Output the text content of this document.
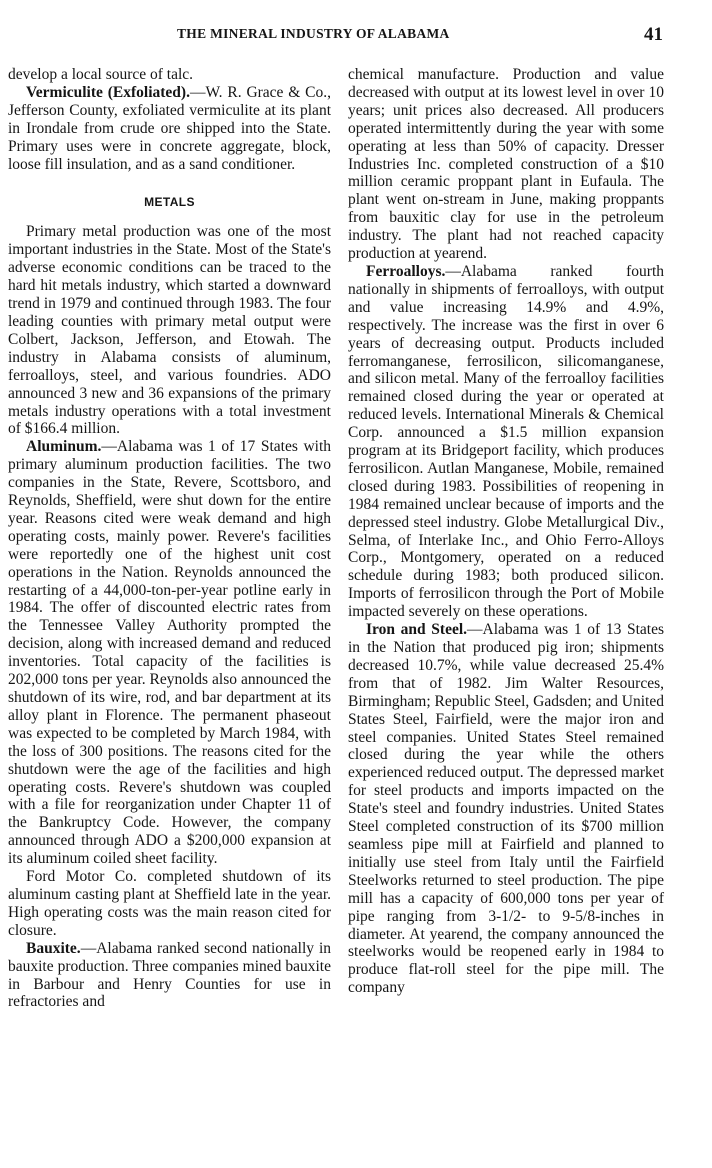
THE MINERAL INDUSTRY OF ALABAMA	41

develop a local source of talc.

Vermiculite (Exfoliated).—W. R. Grace & Co., Jefferson County, exfoliated vermiculite at its plant in Irondale from crude ore shipped into the State. Primary uses were in concrete aggregate, block, loose fill insulation, and as a sand conditioner.

METALS

Primary metal production was one of the most important industries in the State. Most of the State's adverse economic conditions can be traced to the hard hit metals industry, which started a downward trend in 1979 and continued through 1983. The four leading counties with primary metal output were Colbert, Jackson, Jefferson, and Etowah. The industry in Alabama consists of aluminum, ferroalloys, steel, and various foundries. ADO announced 3 new and 36 expansions of the primary metals industry operations with a total investment of $166.4 million.

Aluminum.—Alabama was 1 of 17 States with primary aluminum production facilities. The two companies in the State, Revere, Scottsboro, and Reynolds, Sheffield, were shut down for the entire year. Reasons cited were weak demand and high operating costs, mainly power. Revere's facilities were reportedly one of the highest unit cost operations in the Nation. Reynolds announced the restarting of a 44,000-ton-per-year potline early in 1984. The offer of discounted electric rates from the Tennessee Valley Authority prompted the decision, along with increased demand and reduced inventories. Total capacity of the facilities is 202,000 tons per year. Reynolds also announced the shutdown of its wire, rod, and bar department at its alloy plant in Florence. The permanent phaseout was expected to be completed by March 1984, with the loss of 300 positions. The reasons cited for the shutdown were the age of the facilities and high operating costs. Revere's shutdown was coupled with a file for reorganization under Chapter 11 of the Bankruptcy Code. However, the company announced through ADO a $200,000 expansion at its aluminum coiled sheet facility.

Ford Motor Co. completed shutdown of its aluminum casting plant at Sheffield late in the year. High operating costs was the main reason cited for closure.

Bauxite.—Alabama ranked second nationally in bauxite production. Three companies mined bauxite in Barbour and Henry Counties for use in refractories and

chemical manufacture. Production and value decreased with output at its lowest level in over 10 years; unit prices also decreased. All producers operated intermittently during the year with some operating at less than 50% of capacity. Dresser Industries Inc. completed construction of a $10 million ceramic proppant plant in Eufaula. The plant went on-stream in June, making proppants from bauxitic clay for use in the petroleum industry. The plant had not reached capacity production at yearend.

Ferroalloys.—Alabama ranked fourth nationally in shipments of ferroalloys, with output and value increasing 14.9% and 4.9%, respectively. The increase was the first in over 6 years of decreasing output. Products included ferromanganese, ferrosilicon, silicomanganese, and silicon metal. Many of the ferroalloy facilities remained closed during the year or operated at reduced levels. International Minerals & Chemical Corp. announced a $1.5 million expansion program at its Bridgeport facility, which produces ferrosilicon. Autlan Manganese, Mobile, remained closed during 1983. Possibilities of reopening in 1984 remained unclear because of imports and the depressed steel industry. Globe Metallurgical Div., Selma, of Interlake Inc., and Ohio Ferro-Alloys Corp., Montgomery, operated on a reduced schedule during 1983; both produced silicon. Imports of ferrosilicon through the Port of Mobile impacted severely on these operations.

Iron and Steel.—Alabama was 1 of 13 States in the Nation that produced pig iron; shipments decreased 10.7%, while value decreased 25.4% from that of 1982. Jim Walter Resources, Birmingham; Republic Steel, Gadsden; and United States Steel, Fairfield, were the major iron and steel companies. United States Steel remained closed during the year while the others experienced reduced output. The depressed market for steel products and imports impacted on the State's steel and foundry industries. United States Steel completed construction of its $700 million seamless pipe mill at Fairfield and planned to initially use steel from Italy until the Fairfield Steelworks returned to steel production. The pipe mill has a capacity of 600,000 tons per year of pipe ranging from 3-1/2- to 9-5/8-inches in diameter. At yearend, the company announced the steelworks would be reopened early in 1984 to produce flat-roll steel for the pipe mill. The company
